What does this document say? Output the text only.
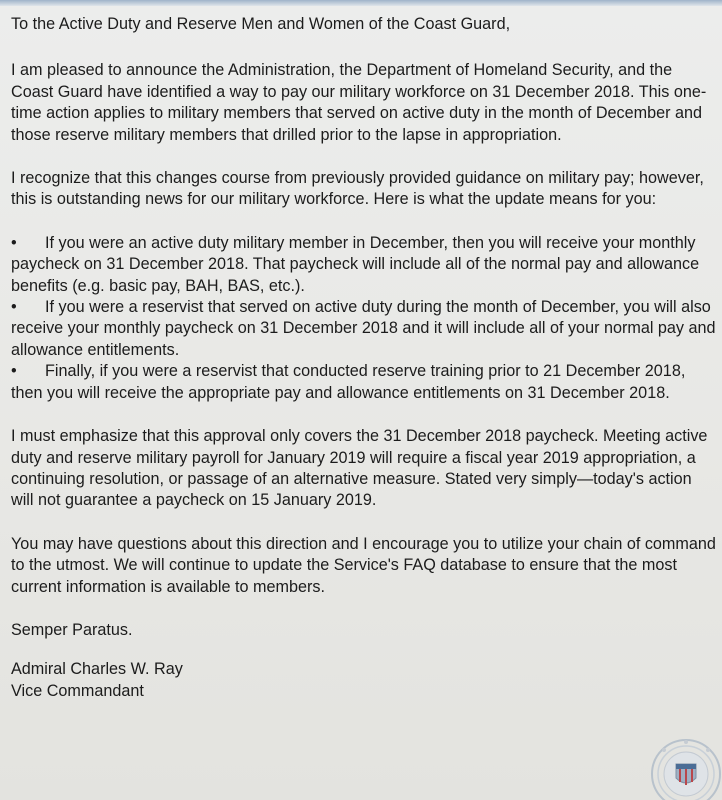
To the Active Duty and Reserve Men and Women of the Coast Guard,

I am pleased to announce the Administration, the Department of Homeland Security, and the Coast Guard have identified a way to pay our military workforce on 31 December 2018. This one-time action applies to military members that served on active duty in the month of December and those reserve military members that drilled prior to the lapse in appropriation.

I recognize that this changes course from previously provided guidance on military pay; however, this is outstanding news for our military workforce. Here is what the update means for you:

• If you were an active duty military member in December, then you will receive your monthly paycheck on 31 December 2018. That paycheck will include all of the normal pay and allowance benefits (e.g. basic pay, BAH, BAS, etc.).
• If you were a reservist that served on active duty during the month of December, you will also receive your monthly paycheck on 31 December 2018 and it will include all of your normal pay and allowance entitlements.
• Finally, if you were a reservist that conducted reserve training prior to 21 December 2018, then you will receive the appropriate pay and allowance entitlements on 31 December 2018.

I must emphasize that this approval only covers the 31 December 2018 paycheck. Meeting active duty and reserve military payroll for January 2019 will require a fiscal year 2019 appropriation, a continuing resolution, or passage of an alternative measure. Stated very simply—today's action will not guarantee a paycheck on 15 January 2019.

You may have questions about this direction and I encourage you to utilize your chain of command to the utmost. We will continue to update the Service's FAQ database to ensure that the most current information is available to members.

Semper Paratus.

Admiral Charles W. Ray

Vice Commandant
